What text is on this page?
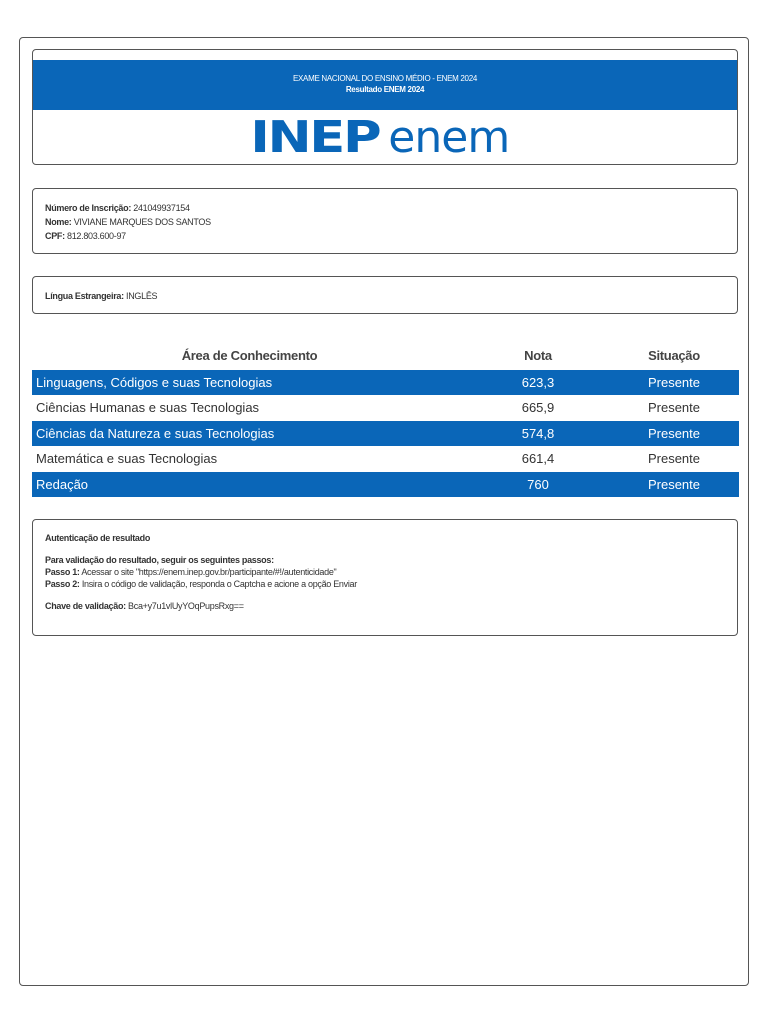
EXAME NACIONAL DO ENSINO MÉDIO - ENEM 2024
Resultado ENEM 2024
INEP enem
Número de Inscrição: 241049937154
Nome: VIVIANE MARQUES DOS SANTOS
CPF: 812.803.600-97
Língua Estrangeira: INGLÊS
Área de Conhecimento	Nota	Situação
Linguagens, Códigos e suas Tecnologias	623,3	Presente
Ciências Humanas e suas Tecnologias	665,9	Presente
Ciências da Natureza e suas Tecnologias	574,8	Presente
Matemática e suas Tecnologias	661,4	Presente
Redação	760	Presente
Autenticação de resultado
Para validação do resultado, seguir os seguintes passos:
Passo 1: Acessar o site "https://enem.inep.gov.br/participante/#!/autenticidade"
Passo 2: Insira o código de validação, responda o Captcha e acione a opção Enviar
Chave de validação: Bca+y7u1vlUyYOqPupsRxg==
